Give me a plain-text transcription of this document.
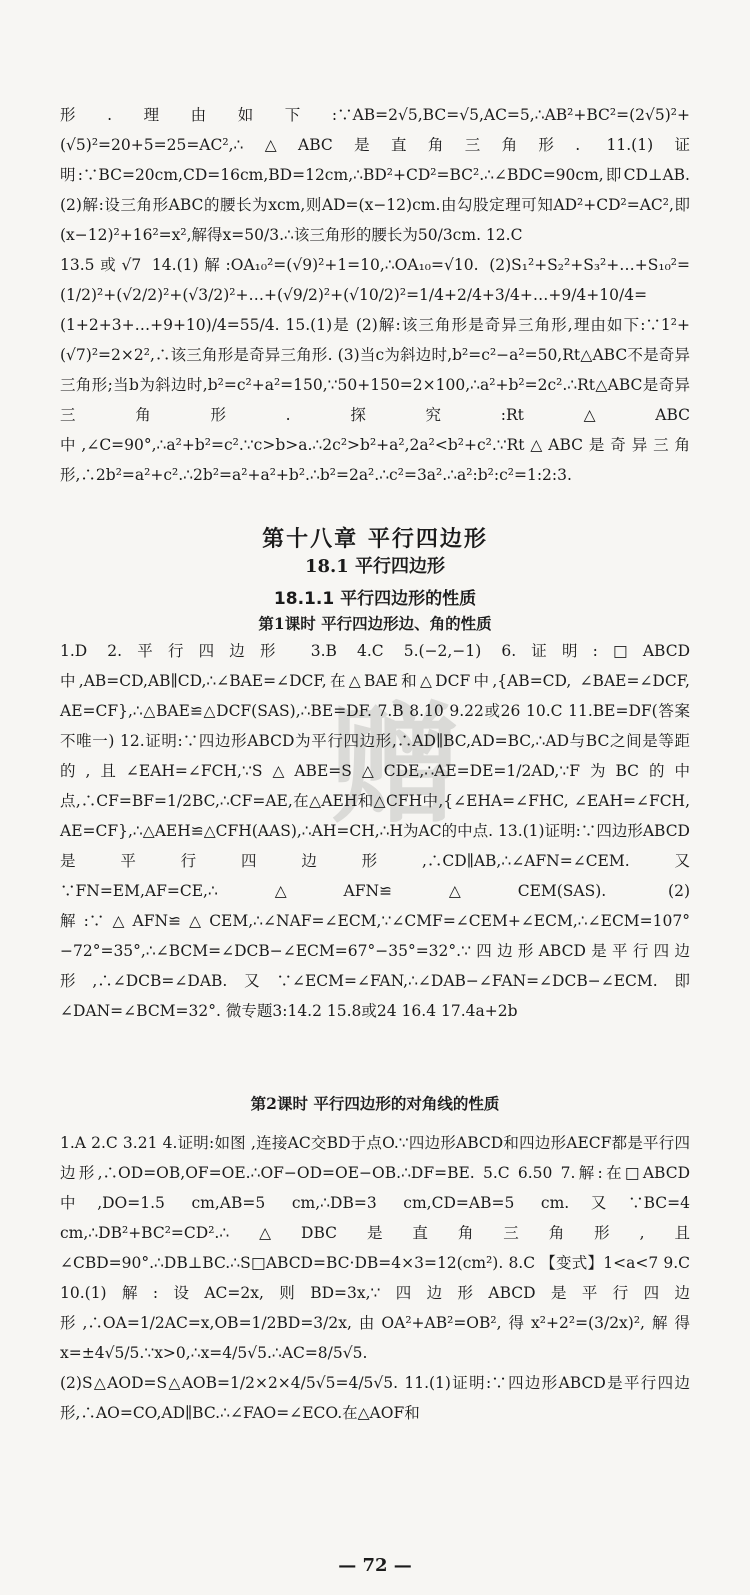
赠

形.理由如下:∵AB=2√5,BC=√5,AC=5,∴AB²+BC²=(2√5)²+(√5)²=20+5=25=AC²,∴△ABC是直角三角形. 11.(1)证明:∵BC=20cm,CD=16cm,BD=12cm,∴BD²+CD²=BC².∴∠BDC=90cm,即CD⊥AB. (2)解:设三角形ABC的腰长为xcm,则AD=(x−12)cm.由勾股定理可知AD²+CD²=AC²,即(x−12)²+16²=x²,解得x=50/3.∴该三角形的腰长为50/3cm. 12.C

13.5或√7 14.(1)解:OA₁₀²=(√9)²+1=10,∴OA₁₀=√10. (2)S₁²+S₂²+S₃²+…+S₁₀²=(1/2)²+(√2/2)²+(√3/2)²+…+(√9/2)²+(√10/2)²=1/4+2/4+3/4+…+9/4+10/4=(1+2+3+…+9+10)/4=55/4. 15.(1)是 (2)解:该三角形是奇异三角形,理由如下:∵1²+(√7)²=2×2²,∴该三角形是奇异三角形. (3)当c为斜边时,b²=c²−a²=50,Rt△ABC不是奇异三角形;当b为斜边时,b²=c²+a²=150,∵50+150=2×100,∴a²+b²=2c².∴Rt△ABC是奇异三角形.探究:Rt△ABC中,∠C=90°,∴a²+b²=c².∵c>b>a.∴2c²>b²+a²,2a²<b²+c².∵Rt△ABC是奇异三角形,∴2b²=a²+c².∴2b²=a²+a²+b².∴b²=2a².∴c²=3a².∴a²:b²:c²=1:2:3.

第十八章 平行四边形
18.1 平行四边形
18.1.1 平行四边形的性质
第1课时 平行四边形边、角的性质

1.D 2.平行四边形 3.B 4.C 5.(−2,−1) 6.证明:□ABCD中,AB=CD,AB∥CD,∴∠BAE=∠DCF,在△BAE和△DCF中,{AB=CD, ∠BAE=∠DCF, AE=CF},∴△BAE≌△DCF(SAS),∴BE=DF. 7.B 8.10 9.22或26 10.C 11.BE=DF(答案不唯一) 12.证明:∵四边形ABCD为平行四边形,∴AD∥BC,AD=BC,∴AD与BC之间是等距的,且∠EAH=∠FCH,∵S△ABE=S△CDE,∴AE=DE=1/2AD,∵F为BC的中点,∴CF=BF=1/2BC,∴CF=AE,在△AEH和△CFH中,{∠EHA=∠FHC, ∠EAH=∠FCH, AE=CF},∴△AEH≌△CFH(AAS),∴AH=CH,∴H为AC的中点. 13.(1)证明:∵四边形ABCD是平行四边形,∴CD∥AB,∴∠AFN=∠CEM.又∵FN=EM,AF=CE,∴△AFN≌△CEM(SAS). (2)解:∵△AFN≌△CEM,∴∠NAF=∠ECM,∵∠CMF=∠CEM+∠ECM,∴∠ECM=107°−72°=35°,∴∠BCM=∠DCB−∠ECM=67°−35°=32°.∵四边形ABCD是平行四边形,∴∠DCB=∠DAB.又∵∠ECM=∠FAN,∴∠DAB−∠FAN=∠DCB−∠ECM.即∠DAN=∠BCM=32°. 微专题3:14.2 15.8或24 16.4 17.4a+2b

第2课时 平行四边形的对角线的性质

1.A 2.C 3.21 4.证明:如图 ,连接AC交BD于点O.∵四边形ABCD和四边形AECF都是平行四边形,∴OD=OB,OF=OE.∴OF−OD=OE−OB.∴DF=BE. 5.C 6.50 7.解:在□ABCD中,DO=1.5 cm,AB=5 cm,∴DB=3 cm,CD=AB=5 cm.又∵BC=4 cm,∴DB²+BC²=CD².∴△DBC是直角三角形,且∠CBD=90°.∴DB⊥BC.∴S□ABCD=BC·DB=4×3=12(cm²). 8.C 【变式】1<a<7 9.C 10.(1)解:设AC=2x,则BD=3x,∵四边形ABCD是平行四边形,∴OA=1/2AC=x,OB=1/2BD=3/2x,由OA²+AB²=OB²,得x²+2²=(3/2x)²,解得x=±4√5/5.∵x>0,∴x=4/5√5.∴AC=8/5√5. (2)S△AOD=S△AOB=1/2×2×4/5√5=4/5√5. 11.(1)证明:∵四边形ABCD是平行四边形,∴AO=CO,AD∥BC.∴∠FAO=∠ECO.在△AOF和

— 72 —
